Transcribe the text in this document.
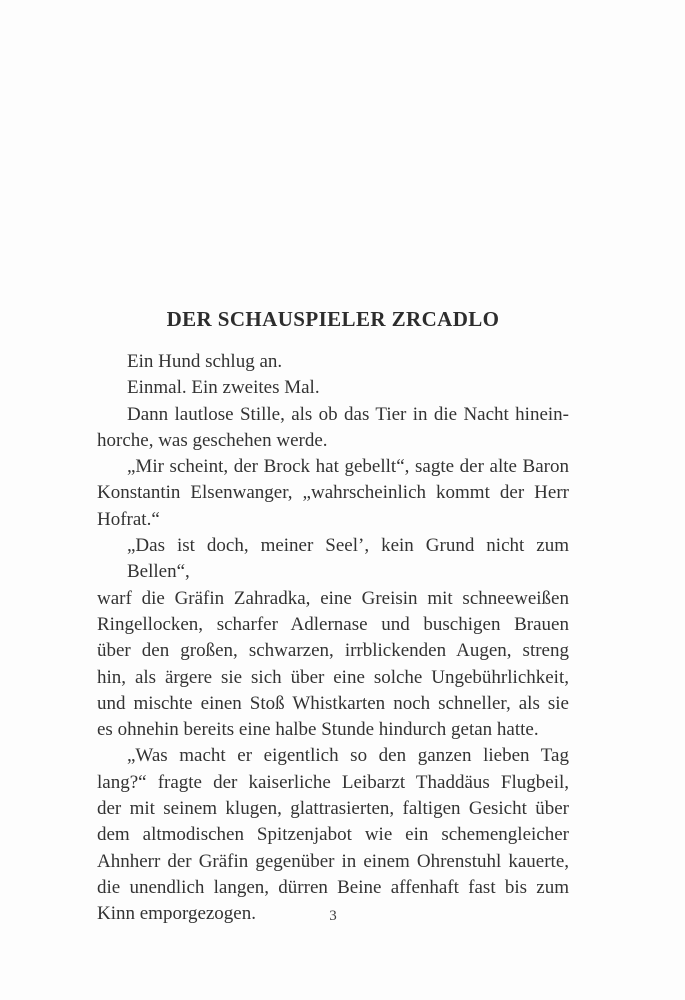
DER SCHAUSPIELER ZRCADLO
Ein Hund schlug an.
Einmal. Ein zweites Mal.
Dann lautlose Stille, als ob das Tier in die Nacht hinein-
horche, was geschehen werde.
„Mir scheint, der Brock hat gebellt“, sagte der alte Baron
Konstantin Elsenwanger, „wahrscheinlich kommt der Herr
Hofrat.“
„Das ist doch, meiner Seel’, kein Grund nicht zum Bellen“,
warf die Gräfin Zahradka, eine Greisin mit schneeweißen
Ringellocken, scharfer Adlernase und buschigen Brauen
über den großen, schwarzen, irrblickenden Augen, streng
hin, als ärgere sie sich über eine solche Ungebührlichkeit,
und mischte einen Stoß Whistkarten noch schneller, als sie
es ohnehin bereits eine halbe Stunde hindurch getan hatte.
„Was macht er eigentlich so den ganzen lieben Tag
lang?“ fragte der kaiserliche Leibarzt Thaddäus Flugbeil,
der mit seinem klugen, glattrasierten, faltigen Gesicht über
dem altmodischen Spitzenjabot wie ein schemengleicher
Ahnherr der Gräfin gegenüber in einem Ohrenstuhl kauerte,
die unendlich langen, dürren Beine affenhaft fast bis zum
Kinn emporgezogen.	3
